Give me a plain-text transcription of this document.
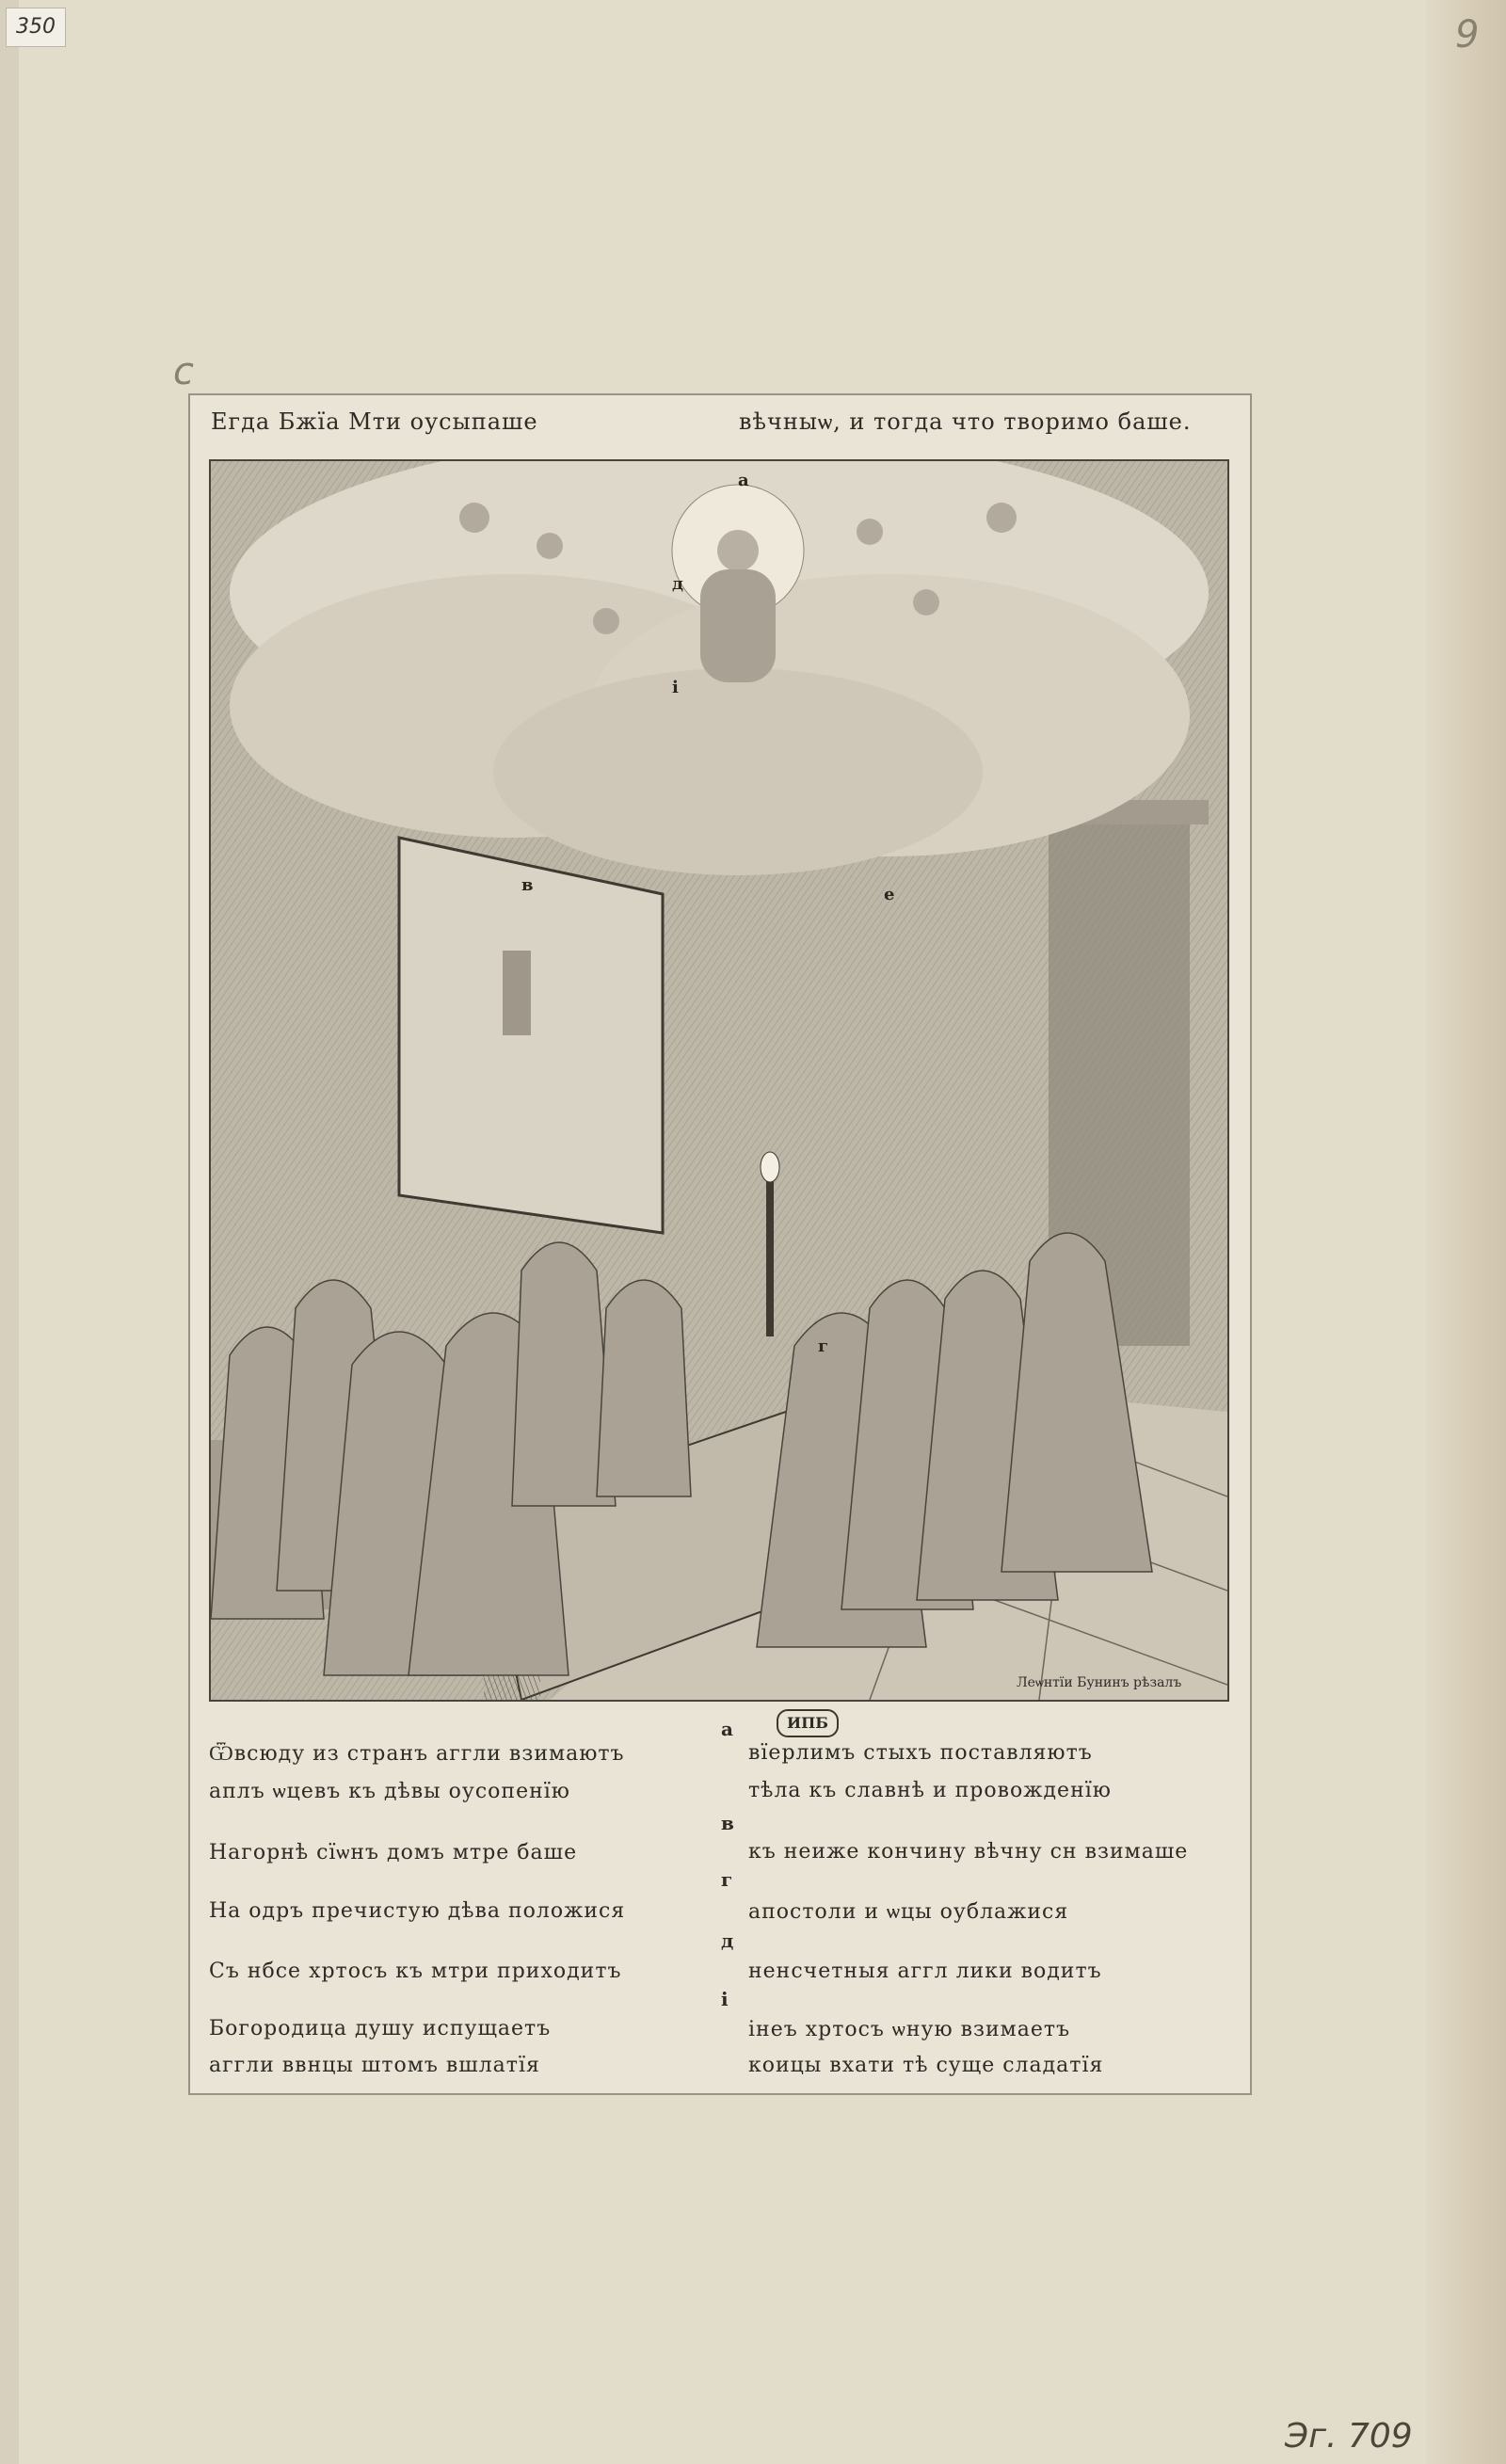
350	9
c
Эг. 709
Егда Бжїа Мти оусыпаше	вѣчныѡ, и тогда что творимо баше.
а
в
г
д
е
і
Леѡнтїи Бунинъ рѣзалъ
ИПБ
а
Ѿвсюду из странъ аггли взимаютъ	вїерлимъ стыхъ поставляютъ
аплъ ѡцевъ къ дѣвы оусопенїю	тѣла къ славнѣ и провожденїю
в
Нагорнѣ сїѡнъ домъ мтре баше	къ неиже кончину вѣчну сн взимаше
г
На одръ пречистую дѣва положися	апостоли и ѡцы оублажися
д
Съ нбсе хртосъ къ мтри приходитъ	ненсчетныя аггл лики водитъ
і
Богородица душу испущаетъ	інеъ хртосъ ѡную взимаетъ
аггли ввнцы штомъ вшлатїя	коицы вхати тѣ суще сладатїя
